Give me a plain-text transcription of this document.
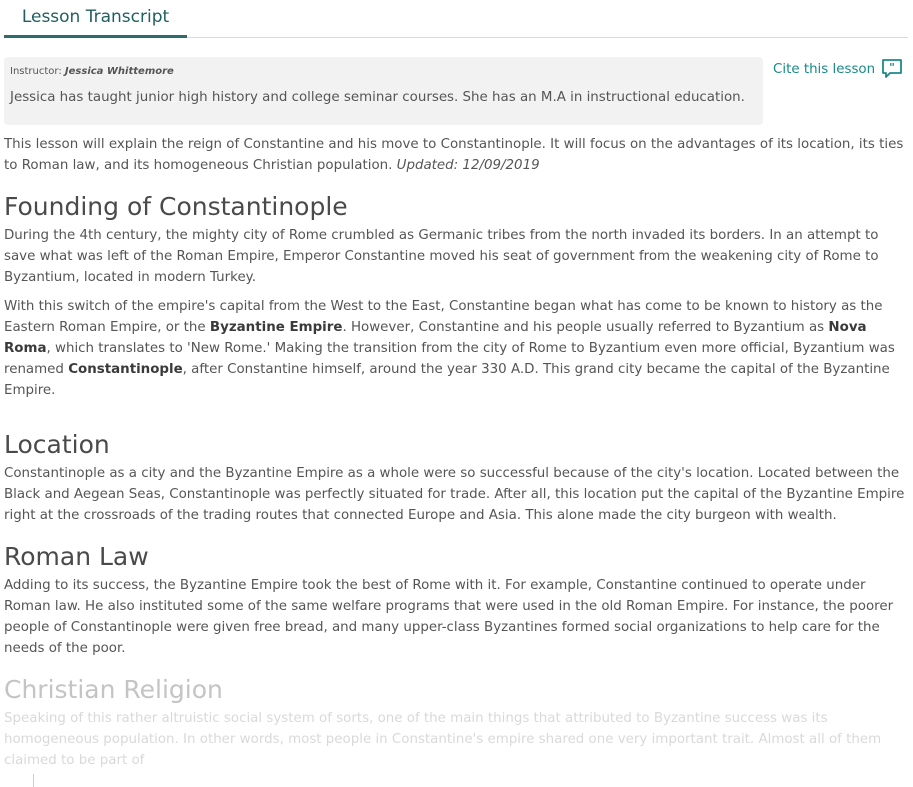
Lesson Transcript
Instructor: Jessica Whittemore
Jessica has taught junior high history and college seminar courses. She has an M.A in instructional education.
Cite this lesson "

This lesson will explain the reign of Constantine and his move to Constantinople. It will focus on the advantages of its location, its ties to Roman law, and its homogeneous Christian population. Updated: 12/09/2019

Founding of Constantinople

During the 4th century, the mighty city of Rome crumbled as Germanic tribes from the north invaded its borders. In an attempt to save what was left of the Roman Empire, Emperor Constantine moved his seat of government from the weakening city of Rome to Byzantium, located in modern Turkey.

With this switch of the empire's capital from the West to the East, Constantine began what has come to be known to history as the Eastern Roman Empire, or the Byzantine Empire. However, Constantine and his people usually referred to Byzantium as Nova Roma, which translates to 'New Rome.' Making the transition from the city of Rome to Byzantium even more official, Byzantium was renamed Constantinople, after Constantine himself, around the year 330 A.D. This grand city became the capital of the Byzantine Empire.

Location

Constantinople as a city and the Byzantine Empire as a whole were so successful because of the city's location. Located between the Black and Aegean Seas, Constantinople was perfectly situated for trade. After all, this location put the capital of the Byzantine Empire right at the crossroads of the trading routes that connected Europe and Asia. This alone made the city burgeon with wealth.

Roman Law

Adding to its success, the Byzantine Empire took the best of Rome with it. For example, Constantine continued to operate under Roman law. He also instituted some of the same welfare programs that were used in the old Roman Empire. For instance, the poorer people of Constantinople were given free bread, and many upper-class Byzantines formed social organizations to help care for the needs of the poor.

Christian Religion

Speaking of this rather altruistic social system of sorts, one of the main things that attributed to Byzantine success was its homogeneous population. In other words, most people in Constantine's empire shared one very important trait. Almost all of them claimed to be part of
